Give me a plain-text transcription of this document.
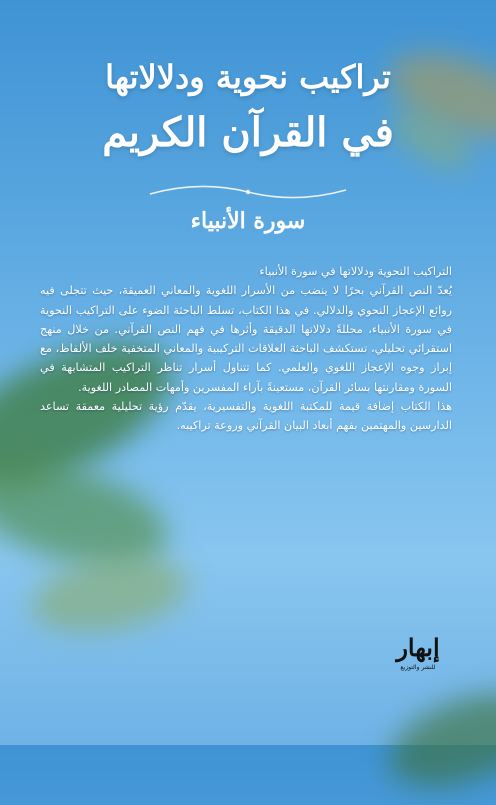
تراكيب نحوية ودلالاتها
في القرآن الكريم
سورة الأنبياء

التراكيب النحوية ودلالاتها في سورة الأنبياء

يُعدّ النص القرآني بحرًا لا ينضب من الأسرار اللغوية والمعاني العميقة، حيث تتجلى فيه روائع الإعجاز النحوي والدلالي. في هذا الكتاب، تسلط الباحثة الضوء على التراكيب النحوية في سورة الأنبياء، محللةً دلالاتها الدقيقة وأثرها في فهم النص القرآني. من خلال منهج استقرائي تحليلي، تستكشف الباحثة العلاقات التركيبية والمعاني المتخفية خلف الألفاظ، مع إبراز وجوه الإعجاز اللغوي والعلمي. كما تتناول أسرار تناظر التراكيب المتشابهة في السورة ومقارنتها بسائر القرآن، مستعينةً بآراء المفسرين وأمهات المصادر اللغوية.

هذا الكتاب إضافة قيمة للمكتبة اللغوية والتفسيرية، يقدّم رؤية تحليلية معمقة تساعد الدارسين والمهتمين بفهم أبعاد البيان القرآني وروعة تراكيبه.

إبهار
للنشر والتوزيع
